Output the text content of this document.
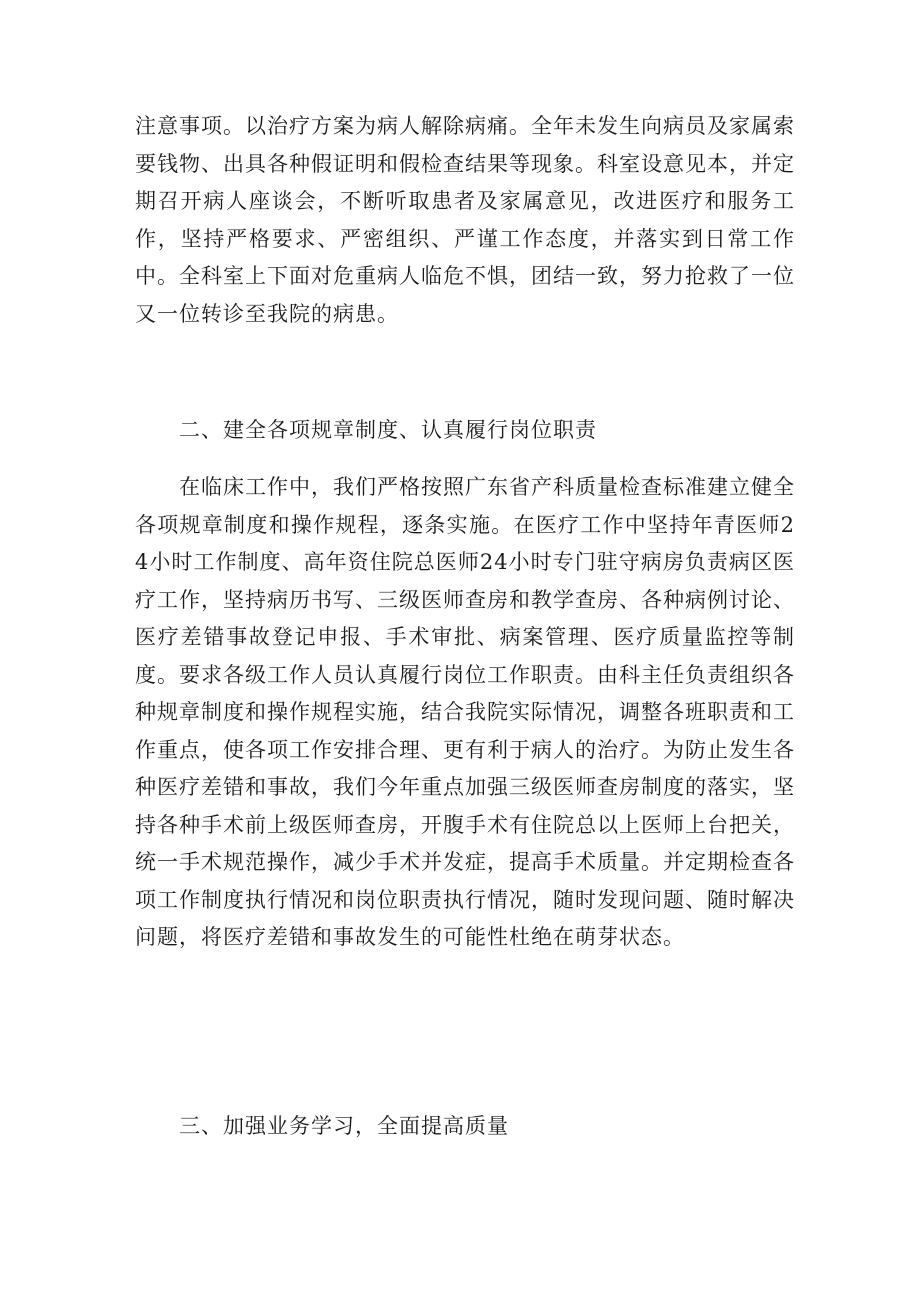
注意事项。以治疗方案为病人解除病痛。全年未发生向病员及家属索要钱物、出具各种假证明和假检查结果等现象。科室设意见本，并定期召开病人座谈会，不断听取患者及家属意见，改进医疗和服务工作，坚持严格要求、严密组织、严谨工作态度，并落实到日常工作中。全科室上下面对危重病人临危不惧，团结一致，努力抢救了一位又一位转诊至我院的病患。

二、建全各项规章制度、认真履行岗位职责

在临床工作中，我们严格按照广东省产科质量检查标准建立健全各项规章制度和操作规程，逐条实施。在医疗工作中坚持年青医师24小时工作制度、高年资住院总医师24小时专门驻守病房负责病区医疗工作，坚持病历书写、三级医师查房和教学查房、各种病例讨论、医疗差错事故登记申报、手术审批、病案管理、医疗质量监控等制度。要求各级工作人员认真履行岗位工作职责。由科主任负责组织各种规章制度和操作规程实施，结合我院实际情况，调整各班职责和工作重点，使各项工作安排合理、更有利于病人的治疗。为防止发生各种医疗差错和事故，我们今年重点加强三级医师查房制度的落实，坚持各种手术前上级医师查房，开腹手术有住院总以上医师上台把关，统一手术规范操作，减少手术并发症，提高手术质量。并定期检查各项工作制度执行情况和岗位职责执行情况，随时发现问题、随时解决问题，将医疗差错和事故发生的可能性杜绝在萌芽状态。

三、加强业务学习，全面提高质量
